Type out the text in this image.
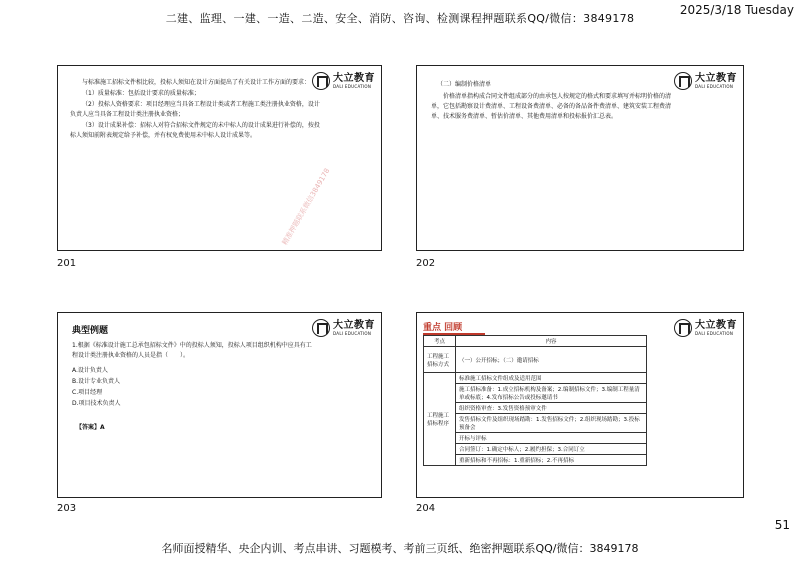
2025/3/18 Tuesday
二建、监理、一建、一造、二造、安全、消防、咨询、检测课程押题联系QQ/微信：3849178
大立教育
DALI EDUCATION

与标准施工招标文件相比较，投标人须知在设计方面提出了有关设计工作方面的要求：

（1）质量标准：包括设计要求的质量标准；

（2）投标人资格要求：项目经理应当具备工程设计类或者工程施工类注册执业资格，设计负责人应当具备工程设计类注册执业资格；

（3）设计成果补偿：招标人对符合招标文件规定的未中标人的设计成果进行补偿的，按投标人须知前附表规定给予补偿，并有权免费使用未中标人设计成果等。

精准押题联系微信3849178
201
大立教育
DALI EDUCATION
（二）编制价格清单

价格清单指构成合同文件组成部分的由承包人按规定的格式和要求填写并标明价格的清单，它包括勘察设计费清单、工程设备费清单、必备的备品备件费清单、建筑安装工程费清单、技术服务费清单、暂估价清单、其他费用清单和投标报价汇总表。

202
大立教育
DALI EDUCATION
典型例题
1.根据《标准设计施工总承包招标文件》中的投标人须知，投标人项目组织机构中应具有工程设计类注册执业资格的人员是指（　　）。
A.设计负责人
B.设计专业负责人
C.项目经理
D.项目技术负责人
【答案】A
203
重点 回顾	大立教育
DALI EDUCATION
考点	内容
工程施工招标方式	（一）公开招标；（二）邀请招标
工程施工招标程序	标准施工招标文件组成及适用范围
	施工招标准备：1.成立招标机构及备案；2.编制招标文件；3.编制工程量清单或标底；4.发布招标公告或投标邀请书
	组织资格审查：3.发售资格预审文件
	发售招标文件及组织现场踏勘：1.发售招标文件；2.组织现场踏勘；3.投标预备会
	开标与评标
	合同签订：1.确定中标人；2.履约担保；3.合同订立
	重新招标和不再招标：1.重新招标；2.不再招标
204
51
名师面授精华、央企内训、考点串讲、习题模考、考前三页纸、绝密押题联系QQ/微信：3849178
